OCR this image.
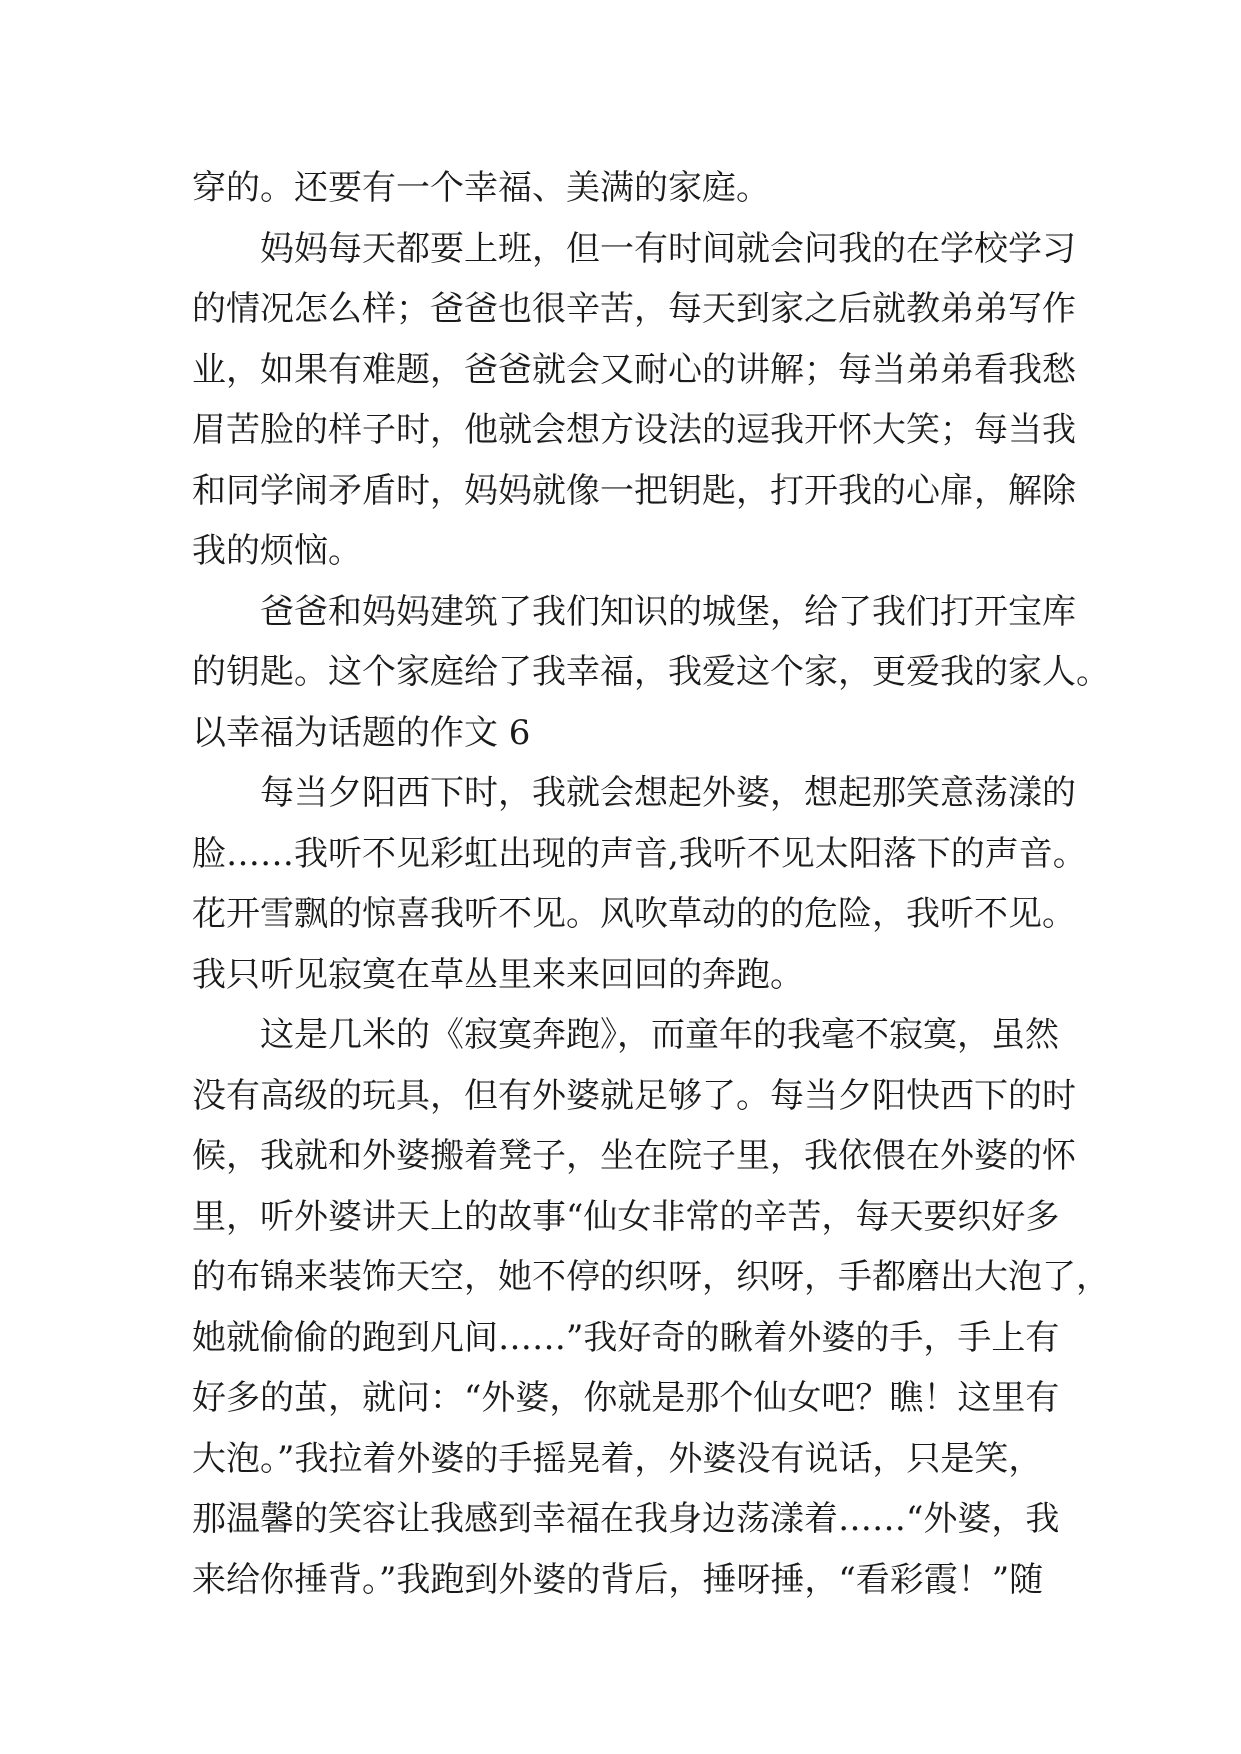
穿的。还要有一个幸福、美满的家庭。
妈妈每天都要上班，但一有时间就会问我的在学校学习
的情况怎么样；爸爸也很辛苦，每天到家之后就教弟弟写作
业，如果有难题，爸爸就会又耐心的讲解；每当弟弟看我愁
眉苦脸的样子时，他就会想方设法的逗我开怀大笑；每当我
和同学闹矛盾时，妈妈就像一把钥匙，打开我的心扉，解除
我的烦恼。
爸爸和妈妈建筑了我们知识的城堡，给了我们打开宝库
的钥匙。这个家庭给了我幸福，我爱这个家，更爱我的家人。
以幸福为话题的作文 6
每当夕阳西下时，我就会想起外婆，想起那笑意荡漾的
脸……我听不见彩虹出现的声音,我听不见太阳落下的声音。
花开雪飘的惊喜我听不见。风吹草动的的危险，我听不见。
我只听见寂寞在草丛里来来回回的奔跑。
这是几米的《寂寞奔跑》，而童年的我毫不寂寞，虽然
没有高级的玩具，但有外婆就足够了。每当夕阳快西下的时
候，我就和外婆搬着凳子，坐在院子里，我依偎在外婆的怀
里，听外婆讲天上的故事“仙女非常的辛苦，每天要织好多
的布锦来装饰天空，她不停的织呀，织呀，手都磨出大泡了，
她就偷偷的跑到凡间……”我好奇的瞅着外婆的手，手上有
好多的茧，就问：“外婆，你就是那个仙女吧？瞧！这里有
大泡。”我拉着外婆的手摇晃着，外婆没有说话，只是笑，
那温馨的笑容让我感到幸福在我身边荡漾着……“外婆，我
来给你捶背。”我跑到外婆的背后，捶呀捶，“看彩霞！”随
